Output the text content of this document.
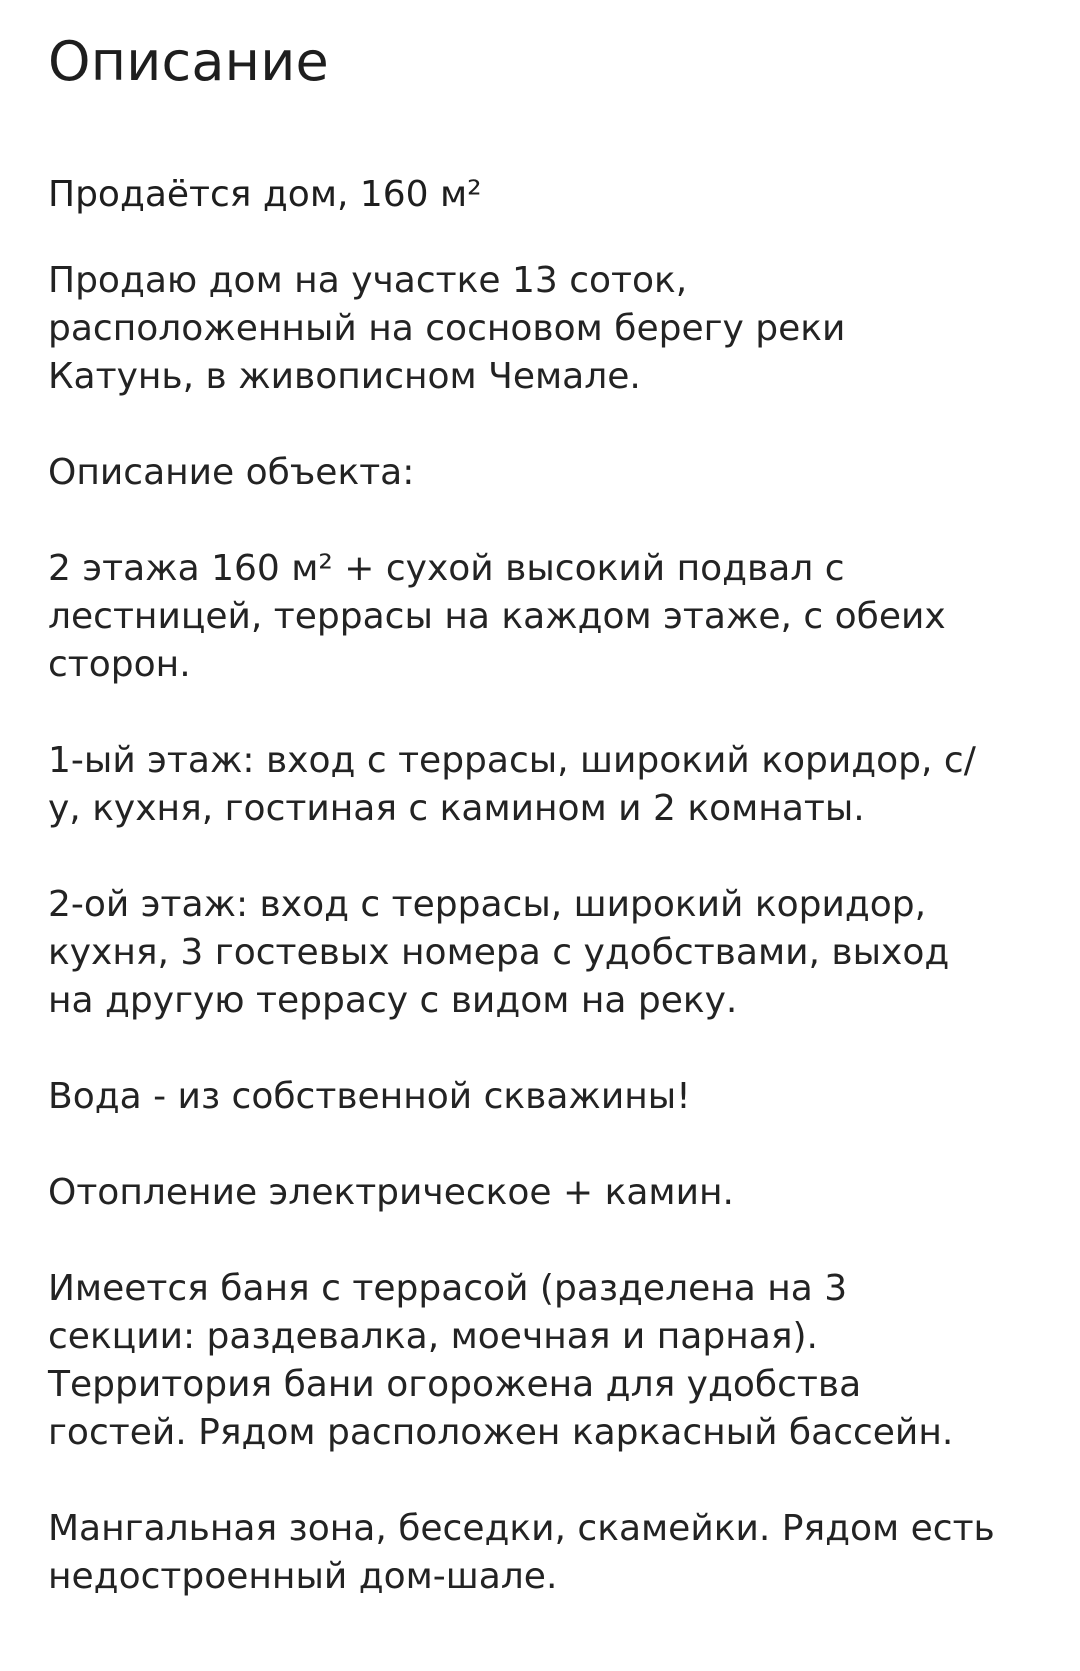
Описание
Продаётся дом, 160 м²

Продаю дом на участке 13 соток,
расположенный на сосновом берегу реки
Катунь, в живописном Чемале.

Описание объекта:

2 этажа 160 м² + сухой высокий подвал с
лестницей, террасы на каждом этаже, с обеих
сторон.

1-ый этаж: вход с террасы, широкий коридор, с/
у, кухня, гостиная с камином и 2 комнаты.

2-ой этаж: вход с террасы, широкий коридор,
кухня, 3 гостевых номера с удобствами, выход
на другую террасу с видом на реку.

Вода - из собственной скважины!

Отопление электрическое + камин.

Имеется баня с террасой (разделена на 3
секции: раздевалка, моечная и парная).
Территория бани огорожена для удобства
гостей. Рядом расположен каркасный бассейн.

Мангальная зона, беседки, скамейки. Рядом есть
недостроенный дом-шале.
